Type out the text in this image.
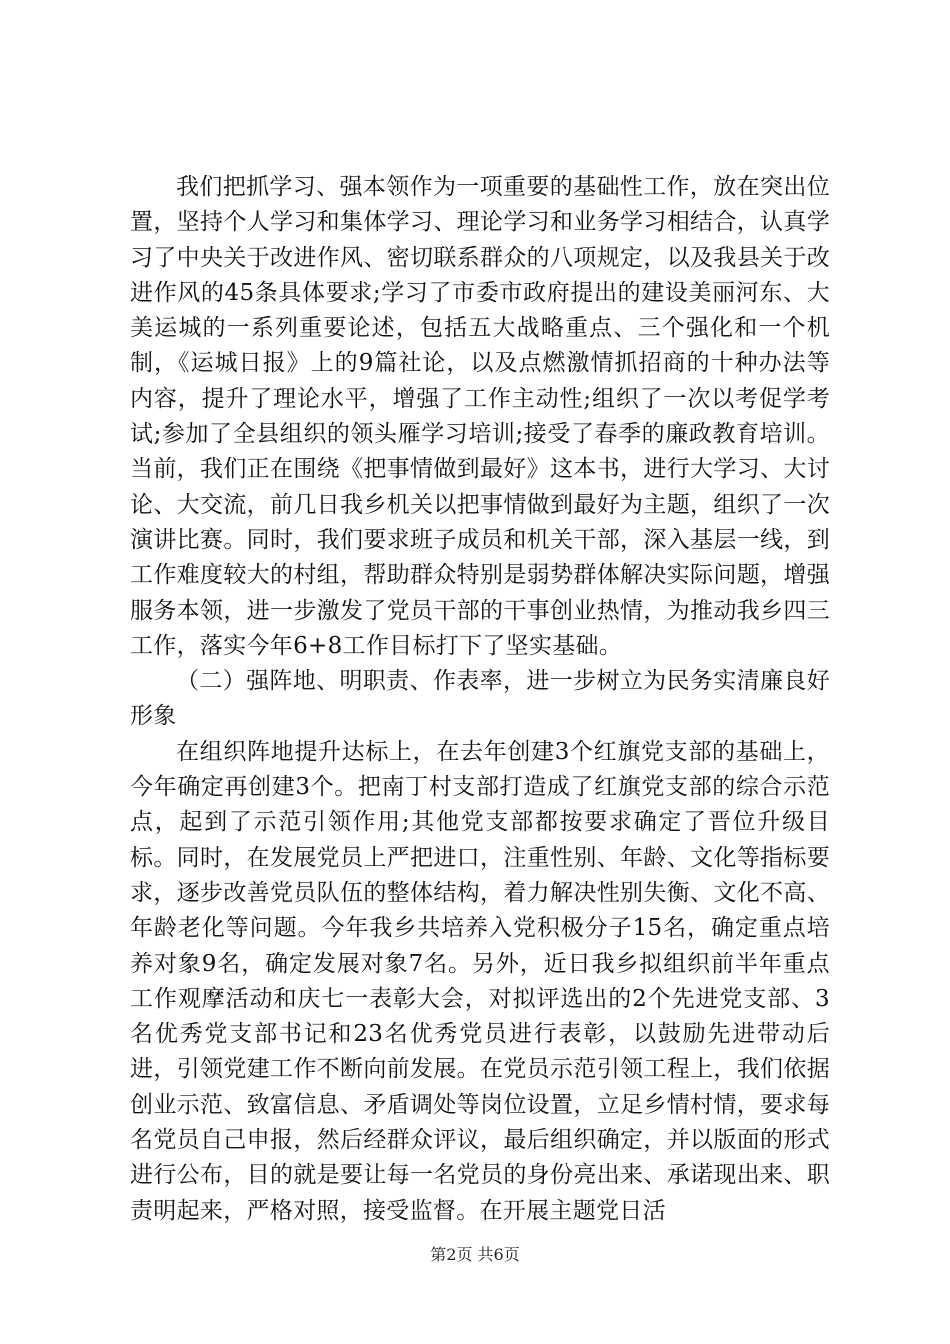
我们把抓学习、强本领作为一项重要的基础性工作，放在突出位置，坚持个人学习和集体学习、理论学习和业务学习相结合，认真学习了中央关于改进作风、密切联系群众的八项规定，以及我县关于改进作风的45条具体要求;学习了市委市政府提出的建设美丽河东、大美运城的一系列重要论述，包括五大战略重点、三个强化和一个机制，《运城日报》上的9篇社论，以及点燃激情抓招商的十种办法等内容，提升了理论水平，增强了工作主动性;组织了一次以考促学考试;参加了全县组织的领头雁学习培训;接受了春季的廉政教育培训。当前，我们正在围绕《把事情做到最好》这本书，进行大学习、大讨论、大交流，前几日我乡机关以把事情做到最好为主题，组织了一次演讲比赛。同时，我们要求班子成员和机关干部，深入基层一线，到工作难度较大的村组，帮助群众特别是弱势群体解决实际问题，增强服务本领，进一步激发了党员干部的干事创业热情，为推动我乡四三工作，落实今年6+8工作目标打下了坚实基础。

（二）强阵地、明职责、作表率，进一步树立为民务实清廉良好形象

在组织阵地提升达标上，在去年创建3个红旗党支部的基础上，今年确定再创建3个。把南丁村支部打造成了红旗党支部的综合示范点，起到了示范引领作用;其他党支部都按要求确定了晋位升级目标。同时，在发展党员上严把进口，注重性别、年龄、文化等指标要求，逐步改善党员队伍的整体结构，着力解决性别失衡、文化不高、年龄老化等问题。今年我乡共培养入党积极分子15名，确定重点培养对象9名，确定发展对象7名。另外，近日我乡拟组织前半年重点工作观摩活动和庆七一表彰大会，对拟评选出的2个先进党支部、3名优秀党支部书记和23名优秀党员进行表彰，以鼓励先进带动后进，引领党建工作不断向前发展。在党员示范引领工程上，我们依据创业示范、致富信息、矛盾调处等岗位设置，立足乡情村情，要求每名党员自己申报，然后经群众评议，最后组织确定，并以版面的形式进行公布，目的就是要让每一名党员的身份亮出来、承诺现出来、职责明起来，严格对照，接受监督。在开展主题党日活

第2页 共6页
